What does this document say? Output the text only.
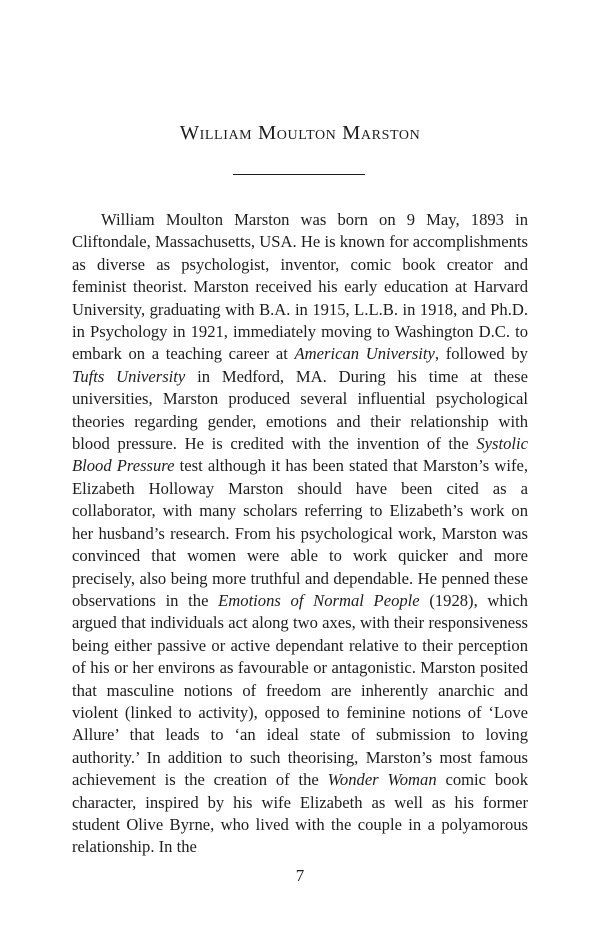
William Moulton Marston

William Moulton Marston was born on 9 May, 1893 in Cliftondale, Massachusetts, USA. He is known for accomplishments as diverse as psychologist, inventor, comic book creator and feminist theorist. Marston received his early education at Harvard University, graduating with B.A. in 1915, L.L.B. in 1918, and Ph.D. in Psychology in 1921, immediately moving to Washington D.C. to embark on a teaching career at American University, followed by Tufts University in Medford, MA. During his time at these universities, Marston produced several influential psychological theories regarding gender, emotions and their relationship with blood pressure. He is credited with the invention of the Systolic Blood Pressure test although it has been stated that Marston’s wife, Elizabeth Holloway Marston should have been cited as a collaborator, with many scholars referring to Elizabeth’s work on her husband’s research. From his psychological work, Marston was convinced that women were able to work quicker and more precisely, also being more truthful and dependable. He penned these observations in the Emotions of Normal People (1928), which argued that individuals act along two axes, with their responsiveness being either passive or active dependant relative to their perception of his or her environs as favourable or antagonistic. Marston posited that masculine notions of freedom are inherently anarchic and violent (linked to activity), opposed to feminine notions of ‘Love Allure’ that leads to ‘an ideal state of submission to loving authority.’ In addition to such theorising, Marston’s most famous achievement is the creation of the Wonder Woman comic book character, inspired by his wife Elizabeth as well as his former student Olive Byrne, who lived with the couple in a polyamorous relationship. In the

7
